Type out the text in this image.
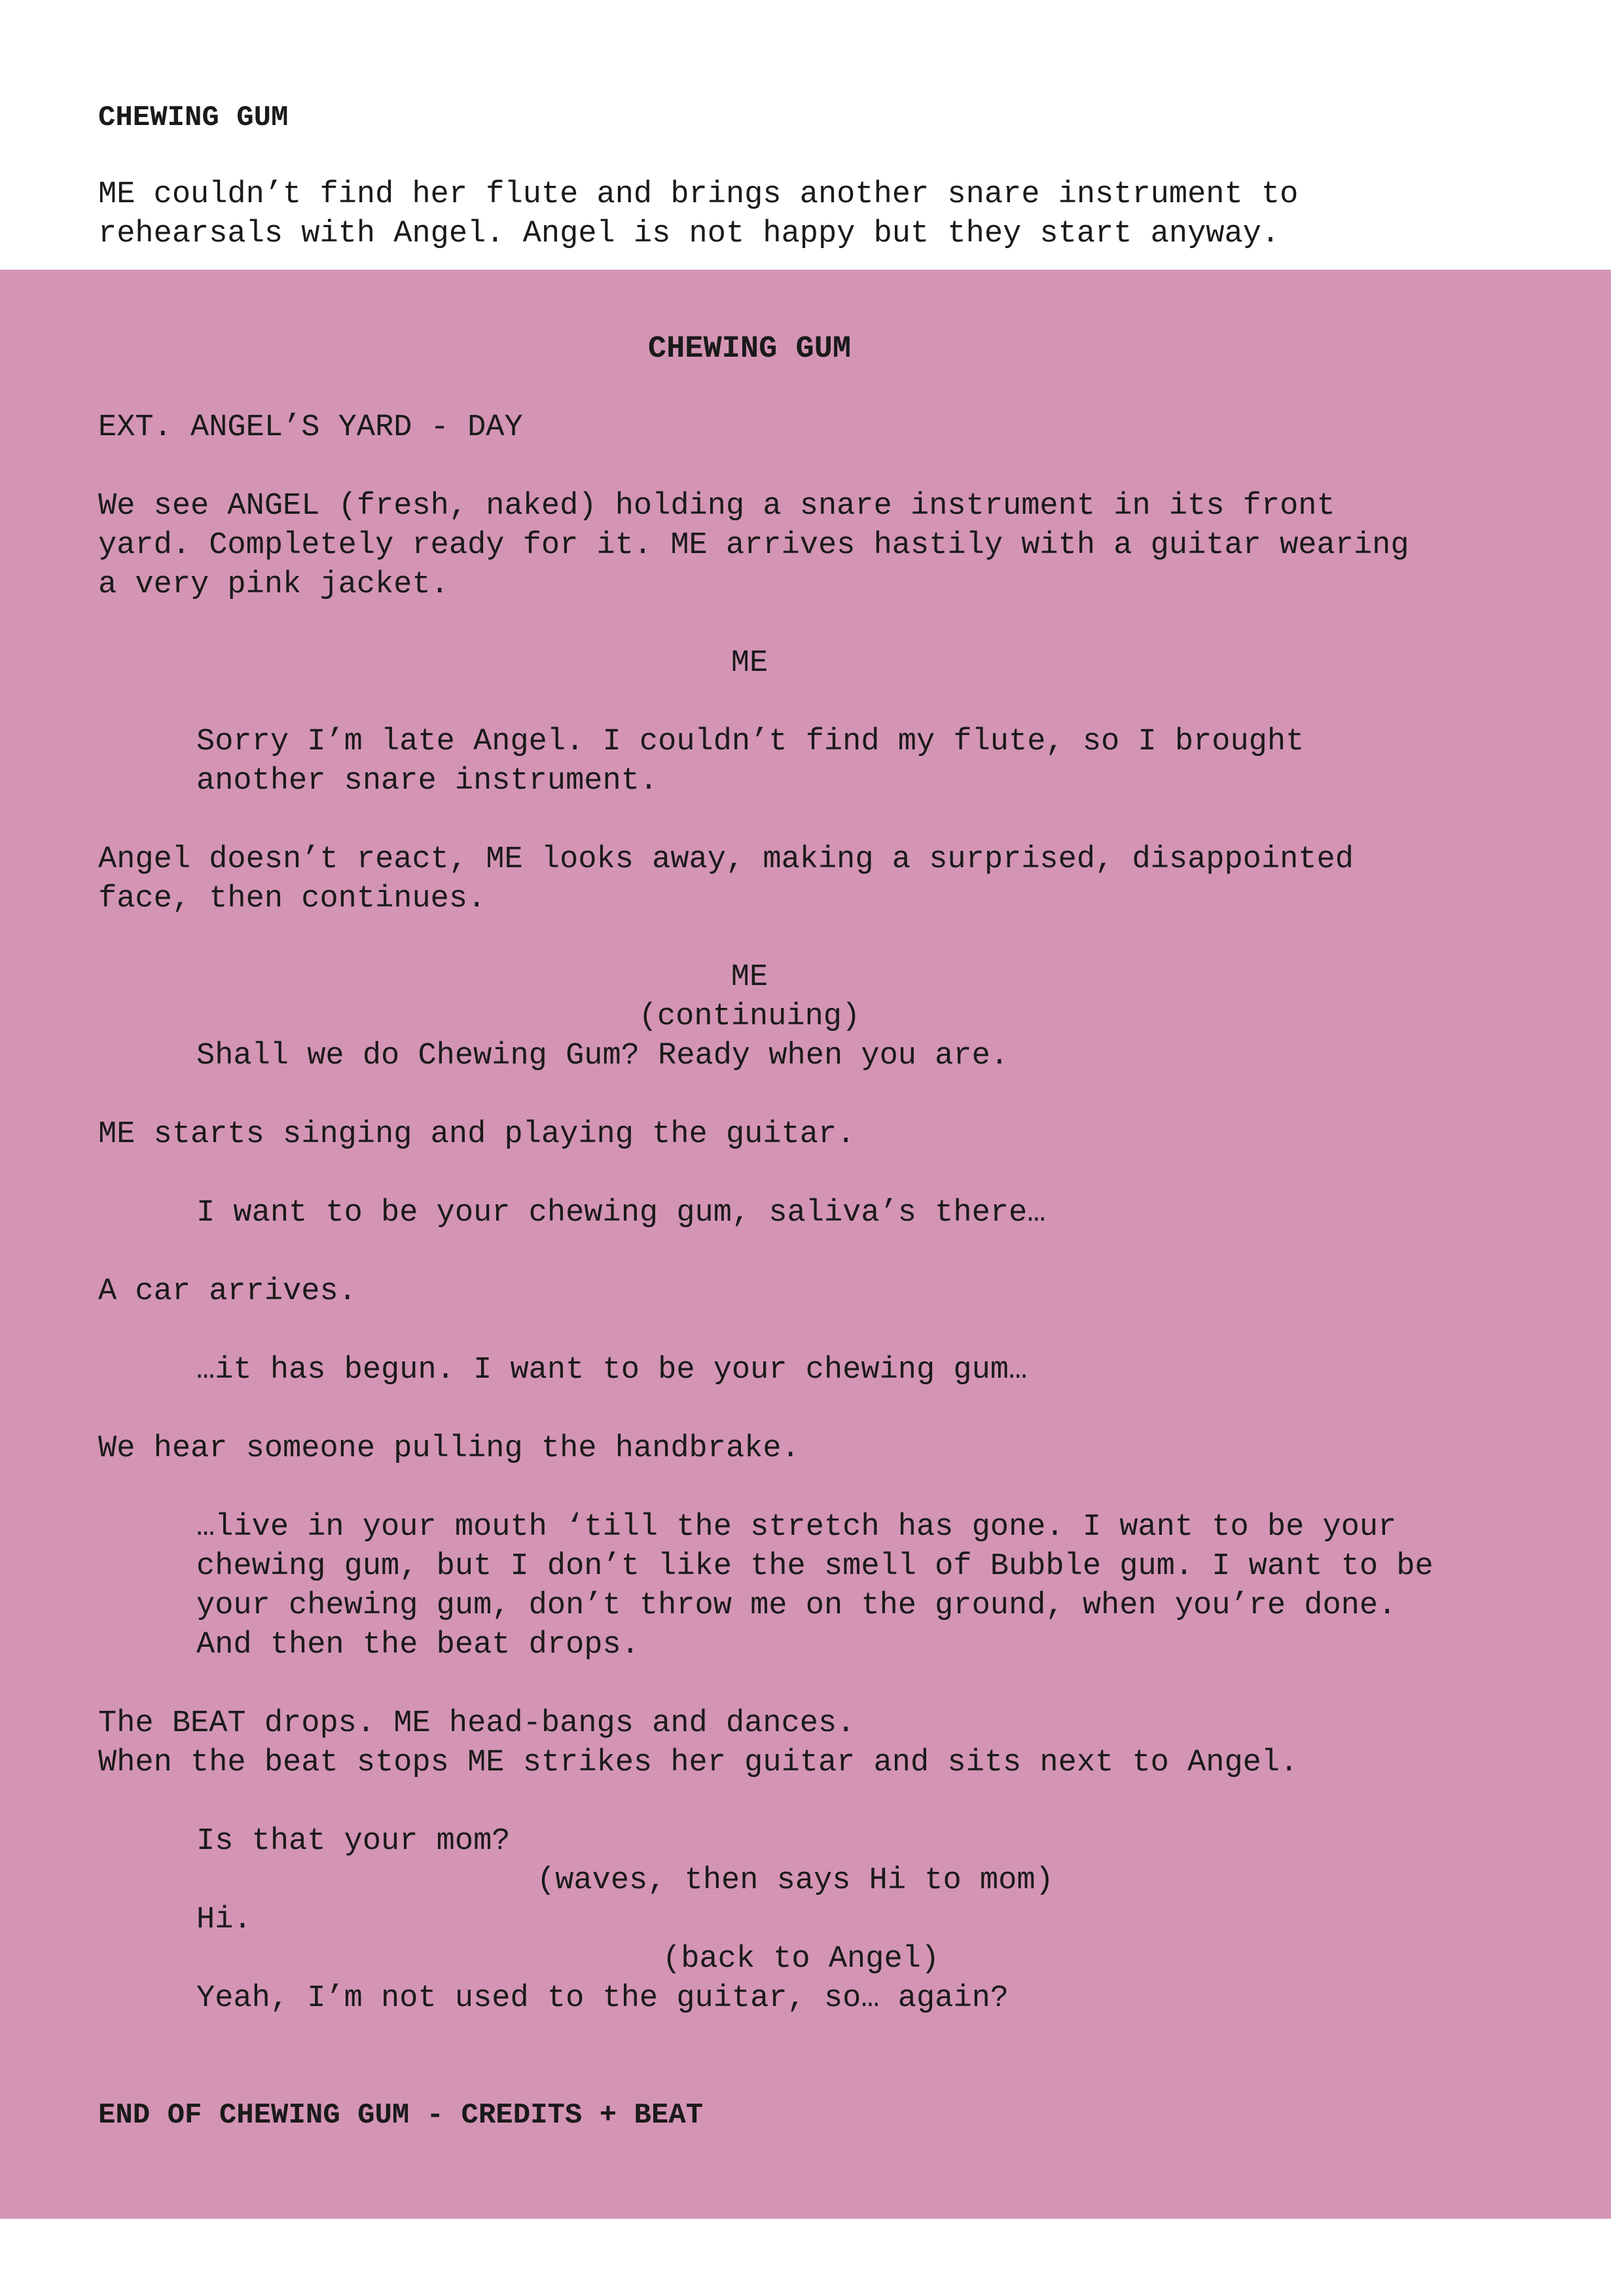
CHEWING GUM
ME couldn’t find her flute and brings another snare instrument to
rehearsals with Angel. Angel is not happy but they start anyway.
CHEWING GUM
EXT. ANGEL’S YARD - DAY
We see ANGEL (fresh, naked) holding a snare instrument in its front
yard. Completely ready for it. ME arrives hastily with a guitar wearing
a very pink jacket.
ME
Sorry I’m late Angel. I couldn’t find my flute, so I brought
another snare instrument.
Angel doesn’t react, ME looks away, making a surprised, disappointed
face, then continues.
ME
(continuing)
Shall we do Chewing Gum? Ready when you are.
ME starts singing and playing the guitar.
I want to be your chewing gum, saliva’s there…
A car arrives.
…it has begun. I want to be your chewing gum…
We hear someone pulling the handbrake.
…live in your mouth ‘till the stretch has gone. I want to be your
chewing gum, but I don’t like the smell of Bubble gum. I want to be
your chewing gum, don’t throw me on the ground, when you’re done.
And then the beat drops.
The BEAT drops. ME head-bangs and dances.
When the beat stops ME strikes her guitar and sits next to Angel.
Is that your mom?
(waves, then says Hi to mom)
Hi.
(back to Angel)
Yeah, I’m not used to the guitar, so… again?
END OF CHEWING GUM - CREDITS + BEAT
